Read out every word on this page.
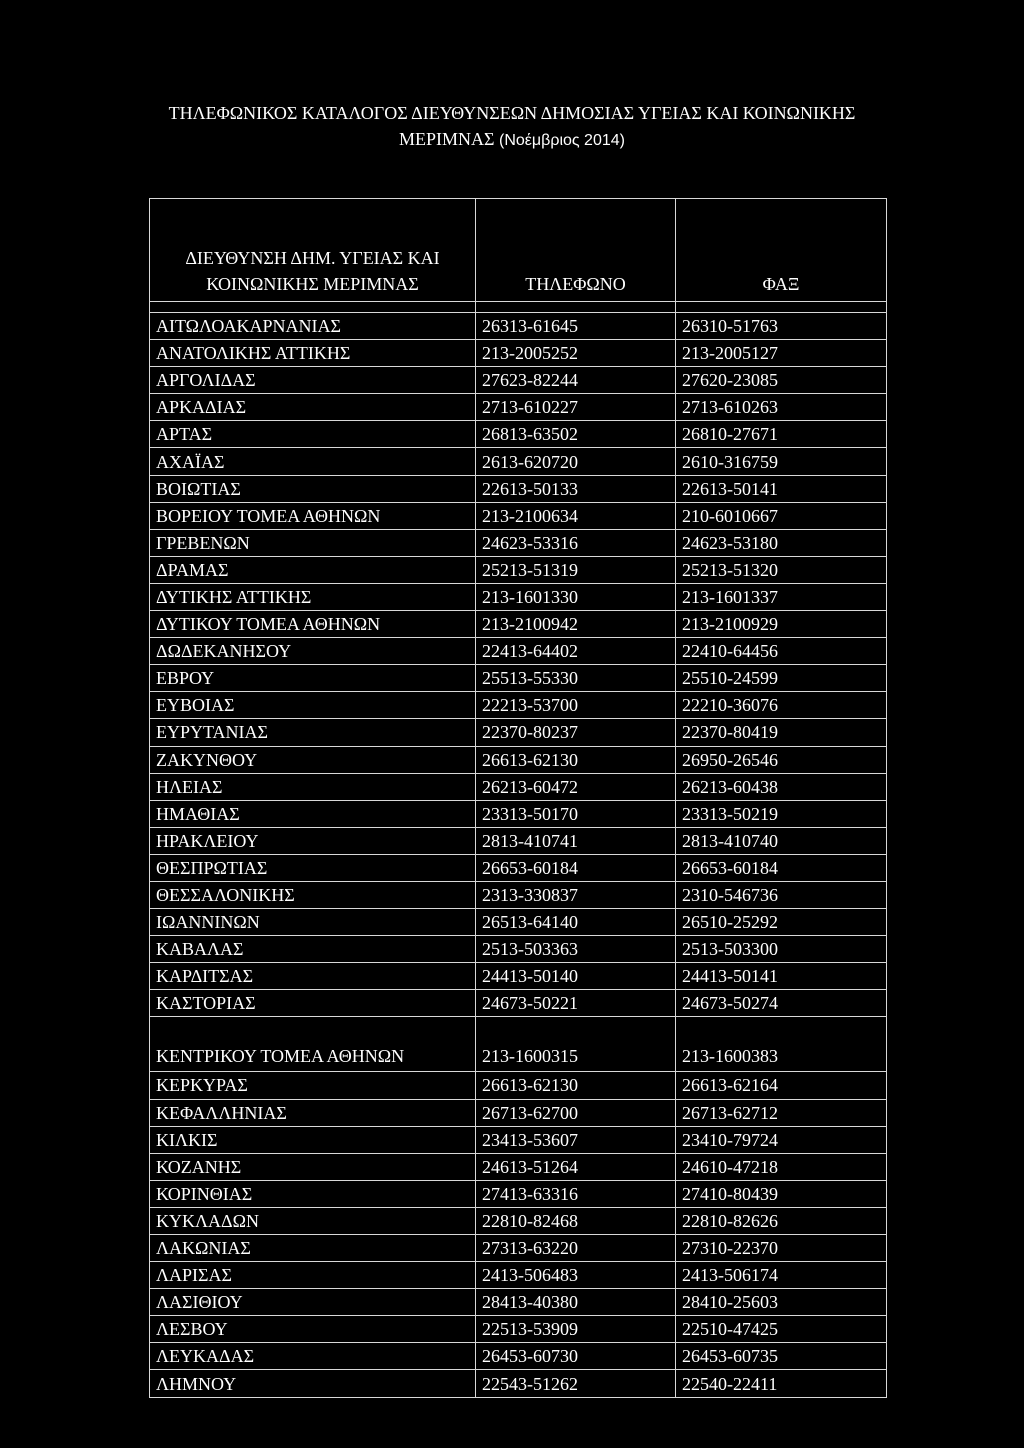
ΤΗΛΕΦΩΝΙΚΟΣ ΚΑΤΑΛΟΓΟΣ ΔΙΕΥΘΥΝΣΕΩΝ ΔΗΜΟΣΙΑΣ ΥΓΕΙΑΣ ΚΑΙ ΚΟΙΝΩΝΙΚΗΣ
ΜΕΡΙΜΝΑΣ (Νοέμβριος 2014)
ΔΙΕΥΘΥΝΣΗ ΔΗΜ. ΥΓΕΙΑΣ ΚΑΙ ΚΟΙΝΩΝΙΚΗΣ ΜΕΡΙΜΝΑΣ	ΤΗΛΕΦΩΝΟ	ΦΑΞ

ΑΙΤΩΛΟΑΚΑΡΝΑΝΙΑΣ	26313-61645	26310-51763
ΑΝΑΤΟΛΙΚΗΣ ΑΤΤΙΚΗΣ	213-2005252	213-2005127
ΑΡΓΟΛΙΔΑΣ	27623-82244	27620-23085
ΑΡΚΑΔΙΑΣ	2713-610227	2713-610263
ΑΡΤΑΣ	26813-63502	26810-27671
ΑΧΑΪΑΣ	2613-620720	2610-316759
ΒΟΙΩΤΙΑΣ	22613-50133	22613-50141
ΒΟΡΕΙΟΥ ΤΟΜΕΑ ΑΘΗΝΩΝ	213-2100634	210-6010667
ΓΡΕΒΕΝΩΝ	24623-53316	24623-53180
ΔΡΑΜΑΣ	25213-51319	25213-51320
ΔΥΤΙΚΗΣ ΑΤΤΙΚΗΣ	213-1601330	213-1601337
ΔΥΤΙΚΟΥ ΤΟΜΕΑ ΑΘΗΝΩΝ	213-2100942	213-2100929
ΔΩΔΕΚΑΝΗΣΟΥ	22413-64402	22410-64456
ΕΒΡΟΥ	25513-55330	25510-24599
ΕΥΒΟΙΑΣ	22213-53700	22210-36076
ΕΥΡΥΤΑΝΙΑΣ	22370-80237	22370-80419
ΖΑΚΥΝΘΟΥ	26613-62130	26950-26546
ΗΛΕΙΑΣ	26213-60472	26213-60438
ΗΜΑΘΙΑΣ	23313-50170	23313-50219
ΗΡΑΚΛΕΙΟΥ	2813-410741	2813-410740
ΘΕΣΠΡΩΤΙΑΣ	26653-60184	26653-60184
ΘΕΣΣΑΛΟΝΙΚΗΣ	2313-330837	2310-546736
ΙΩΑΝΝΙΝΩΝ	26513-64140	26510-25292
ΚΑΒΑΛΑΣ	2513-503363	2513-503300
ΚΑΡΔΙΤΣΑΣ	24413-50140	24413-50141
ΚΑΣΤΟΡΙΑΣ	24673-50221	24673-50274
ΚΕΝΤΡΙΚΟΥ ΤΟΜΕΑ ΑΘΗΝΩΝ	213-1600315	213-1600383
ΚΕΡΚΥΡΑΣ	26613-62130	26613-62164
ΚΕΦΑΛΛΗΝΙΑΣ	26713-62700	26713-62712
ΚΙΛΚΙΣ	23413-53607	23410-79724
ΚΟΖΑΝΗΣ	24613-51264	24610-47218
ΚΟΡΙΝΘΙΑΣ	27413-63316	27410-80439
ΚΥΚΛΑΔΩΝ	22810-82468	22810-82626
ΛΑΚΩΝΙΑΣ	27313-63220	27310-22370
ΛΑΡΙΣΑΣ	2413-506483	2413-506174
ΛΑΣΙΘΙΟΥ	28413-40380	28410-25603
ΛΕΣΒΟΥ	22513-53909	22510-47425
ΛΕΥΚΑΔΑΣ	26453-60730	26453-60735
ΛΗΜΝΟΥ	22543-51262	22540-22411
